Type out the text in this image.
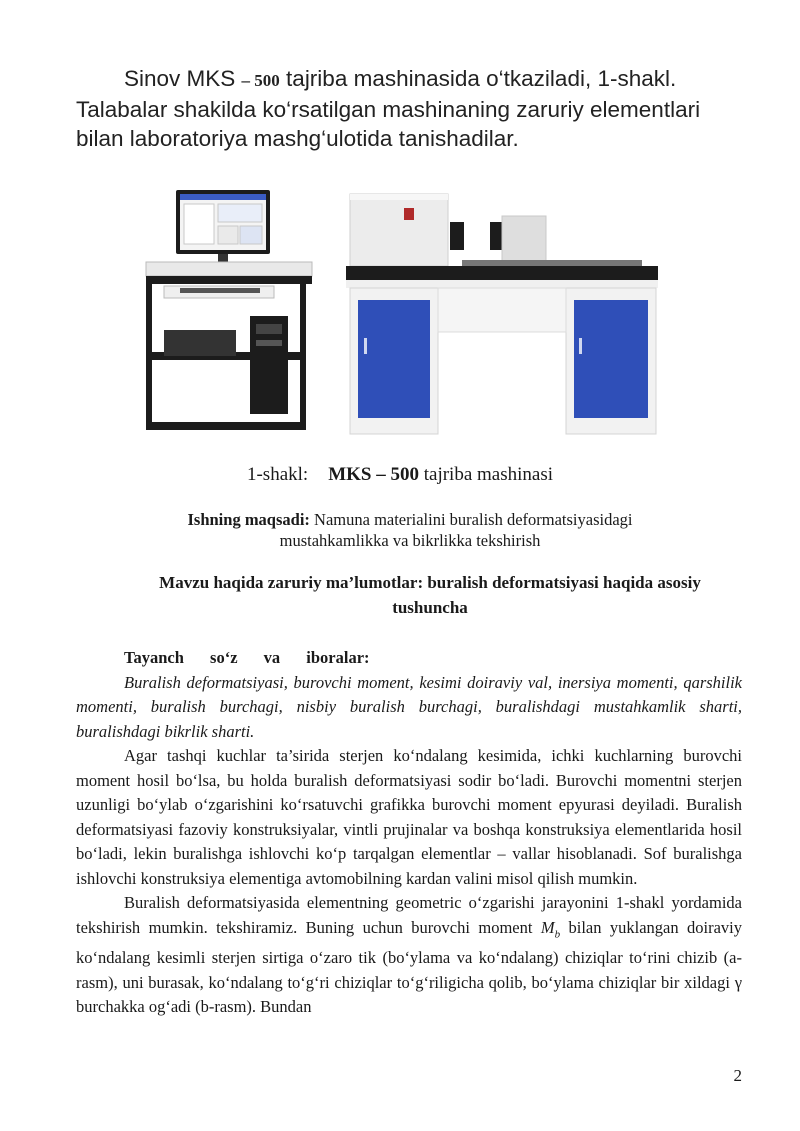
Sinov MKS – 500 tajriba mashinasida o‘tkaziladi, 1-shakl.

Talabalar shakilda ko‘rsatilgan mashinaning zaruriy elementlari

bilan laboratoriya mashg‘ulotida tanishadilar.

1-shakl: MKS – 500 tajriba mashinasi
Ishning maqsadi: Namuna materialini buralish deformatsiyasidagi
mustahkamlikka va bikrlikka tekshirish
Mavzu haqida zaruriy ma’lumotlar: buralish deformatsiyasi haqida asosiy
tushuncha

Tayanch so‘z va iboralar:

Buralish deformatsiyasi, burovchi moment, kesimi doiraviy val, inersiya momenti, qarshilik momenti, buralish burchagi, nisbiy buralish burchagi, buralishdagi mustahkamlik sharti, buralishdagi bikrlik sharti.

Agar tashqi kuchlar ta’sirida sterjen ko‘ndalang kesimida, ichki kuchlarning burovchi moment hosil bo‘lsa, bu holda buralish deformatsiyasi sodir bo‘ladi. Burovchi momentni sterjen uzunligi bo‘ylab o‘zgarishini ko‘rsatuvchi grafikka burovchi moment epyurasi deyiladi. Buralish deformatsiyasi fazoviy konstruksiyalar, vintli prujinalar va boshqa konstruksiya elementlarida hosil bo‘ladi, lekin buralishga ishlovchi ko‘p tarqalgan elementlar – vallar hisoblanadi. Sof buralishga ishlovchi konstruksiya elementiga avtomobilning kardan valini misol qilish mumkin.

Buralish deformatsiyasida elementning geometric o‘zgarishi jarayonini 1-shakl yordamida tekshirish mumkin. tekshiramiz. Buning uchun burovchi moment $M_b$ bilan yuklangan doiraviy ko‘ndalang kesimli sterjen sirtiga o‘zaro tik (bo‘ylama va ko‘ndalang) chiziqlar to‘rini chizib (a-rasm), uni burasak, ko‘ndalang to‘g‘ri chiziqlar to‘g‘riligicha qolib, bo‘ylama chiziqlar bir xildagi γ burchakka og‘adi (b-rasm). Bundan

2
